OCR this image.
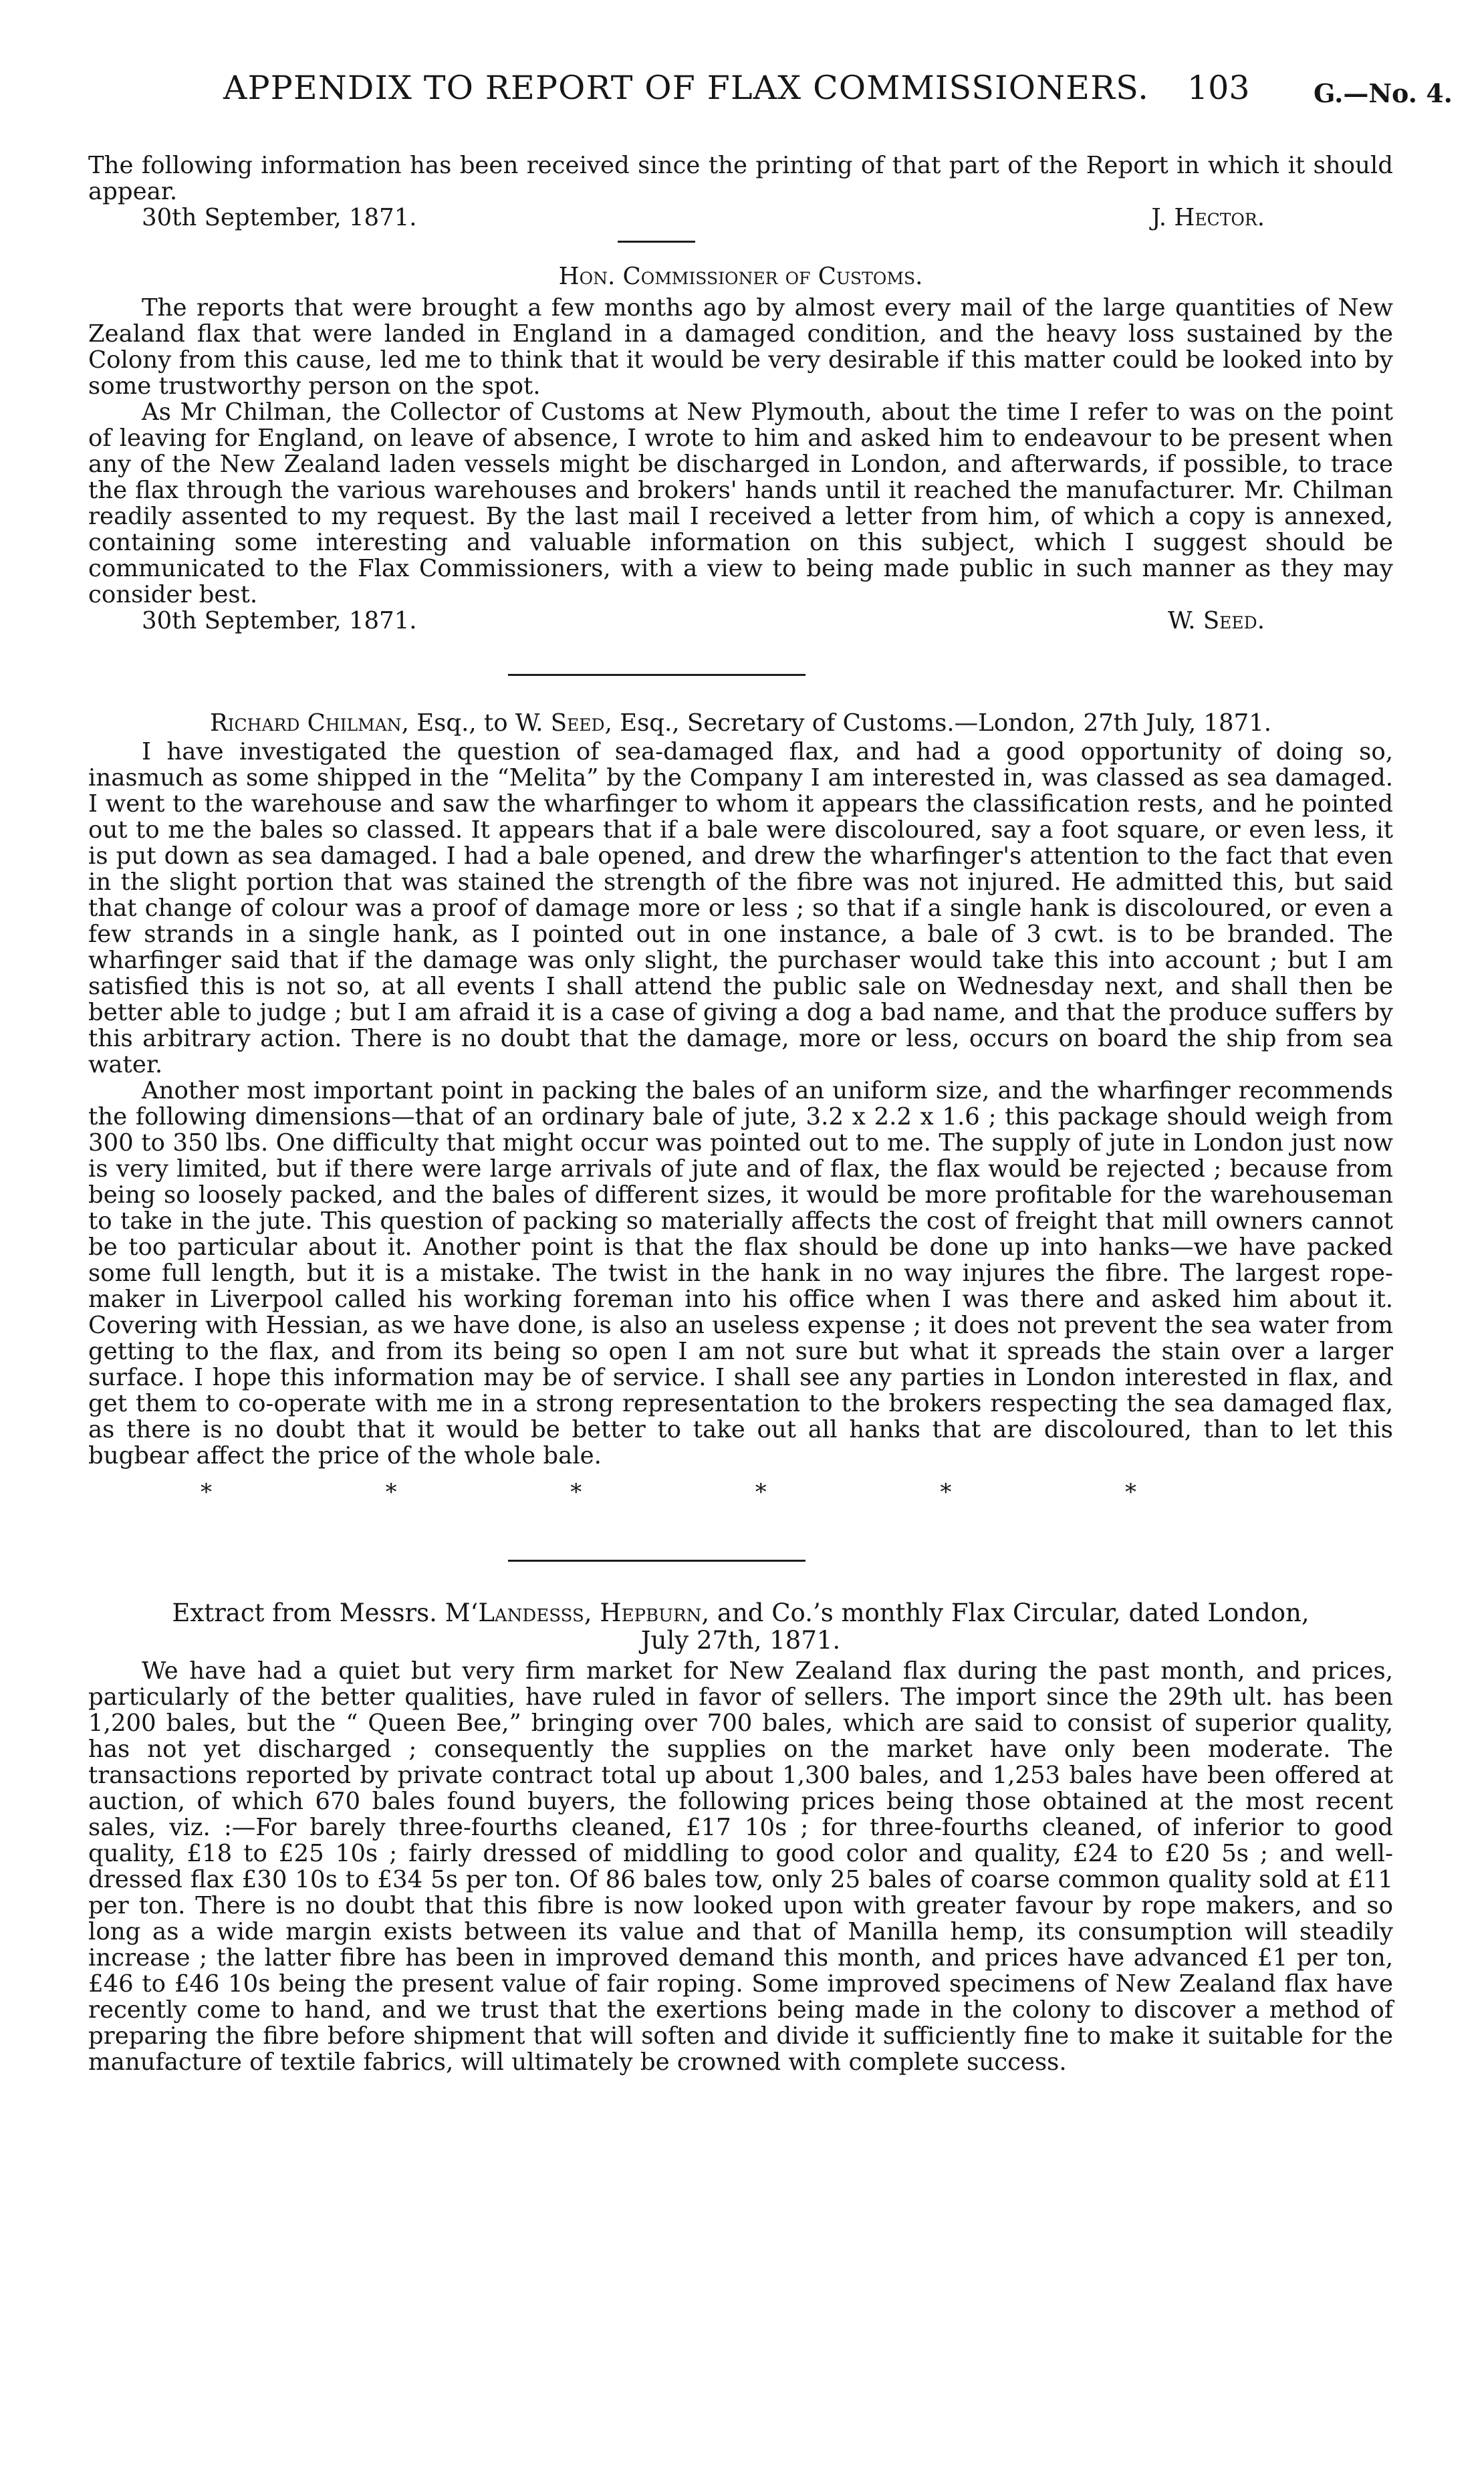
APPENDIX TO REPORT OF FLAX COMMISSIONERS. 103	G.—No. 4.

The following information has been received since the printing of that part of the Report in which it should appear.

30th September, 1871.	J. Hector.

Hon. Commissioner of Customs.

The reports that were brought a few months ago by almost every mail of the large quantities of New Zealand flax that were landed in England in a damaged condition, and the heavy loss sustained by the Colony from this cause, led me to think that it would be very desirable if this matter could be looked into by some trustworthy person on the spot.

As Mr Chilman, the Collector of Customs at New Plymouth, about the time I refer to was on the point of leaving for England, on leave of absence, I wrote to him and asked him to endeavour to be present when any of the New Zealand laden vessels might be discharged in London, and afterwards, if possible, to trace the flax through the various warehouses and brokers' hands until it reached the manufacturer. Mr. Chilman readily assented to my request. By the last mail I received a letter from him, of which a copy is annexed, containing some interesting and valuable information on this subject, which I suggest should be communicated to the Flax Commissioners, with a view to being made public in such manner as they may consider best.

30th September, 1871.	W. Seed.

Richard Chilman, Esq., to W. Seed, Esq., Secretary of Customs.—London, 27th July, 1871.

I have investigated the question of sea-damaged flax, and had a good opportunity of doing so, inasmuch as some shipped in the “Melita” by the Company I am interested in, was classed as sea damaged. I went to the warehouse and saw the wharfinger to whom it appears the classification rests, and he pointed out to me the bales so classed. It appears that if a bale were discoloured, say a foot square, or even less, it is put down as sea damaged. I had a bale opened, and drew the wharfinger's attention to the fact that even in the slight portion that was stained the strength of the fibre was not injured. He admitted this, but said that change of colour was a proof of damage more or less ; so that if a single hank is discoloured, or even a few strands in a single hank, as I pointed out in one instance, a bale of 3 cwt. is to be branded. The wharfinger said that if the damage was only slight, the purchaser would take this into account ; but I am satisfied this is not so, at all events I shall attend the public sale on Wednesday next, and shall then be better able to judge ; but I am afraid it is a case of giving a dog a bad name, and that the produce suffers by this arbitrary action. There is no doubt that the damage, more or less, occurs on board the ship from sea water.

Another most important point in packing the bales of an uniform size, and the wharfinger recommends the following dimensions—that of an ordinary bale of jute, 3.2 x 2.2 x 1.6 ; this package should weigh from 300 to 350 lbs. One difficulty that might occur was pointed out to me. The supply of jute in London just now is very limited, but if there were large arrivals of jute and of flax, the flax would be rejected ; because from being so loosely packed, and the bales of different sizes, it would be more profitable for the warehouseman to take in the jute. This question of packing so materially affects the cost of freight that mill owners cannot be too particular about it. Another point is that the flax should be done up into hanks—we have packed some full length, but it is a mistake. The twist in the hank in no way injures the fibre. The largest rope-maker in Liverpool called his working foreman into his office when I was there and asked him about it. Covering with Hessian, as we have done, is also an useless expense ; it does not prevent the sea water from getting to the flax, and from its being so open I am not sure but what it spreads the stain over a larger surface. I hope this information may be of service. I shall see any parties in London interested in flax, and get them to co-operate with me in a strong representation to the brokers respecting the sea damaged flax, as there is no doubt that it would be better to take out all hanks that are discoloured, than to let this bugbear affect the price of the whole bale.

*	*	*	*	*	*

Extract from Messrs. M‘Landesss, Hepburn, and Co.’s monthly Flax Circular, dated London,

July 27th, 1871.

We have had a quiet but very firm market for New Zealand flax during the past month, and prices, particularly of the better qualities, have ruled in favor of sellers. The import since the 29th ult. has been 1,200 bales, but the “ Queen Bee,” bringing over 700 bales, which are said to consist of superior quality, has not yet discharged ; consequently the supplies on the market have only been moderate. The transactions reported by private contract total up about 1,300 bales, and 1,253 bales have been offered at auction, of which 670 bales found buyers, the following prices being those obtained at the most recent sales, viz. :—For barely three-fourths cleaned, £17 10s ; for three-fourths cleaned, of inferior to good quality, £18 to £25 10s ; fairly dressed of middling to good color and quality, £24 to £20 5s ; and well-dressed flax £30 10s to £34 5s per ton. Of 86 bales tow, only 25 bales of coarse common quality sold at £11 per ton. There is no doubt that this fibre is now looked upon with greater favour by rope makers, and so long as a wide margin exists between its value and that of Manilla hemp, its consumption will steadily increase ; the latter fibre has been in improved demand this month, and prices have advanced £1 per ton, £46 to £46 10s being the present value of fair roping. Some improved specimens of New Zealand flax have recently come to hand, and we trust that the exertions being made in the colony to discover a method of preparing the fibre before shipment that will soften and divide it sufficiently fine to make it suitable for the manufacture of textile fabrics, will ultimately be crowned with complete success.
